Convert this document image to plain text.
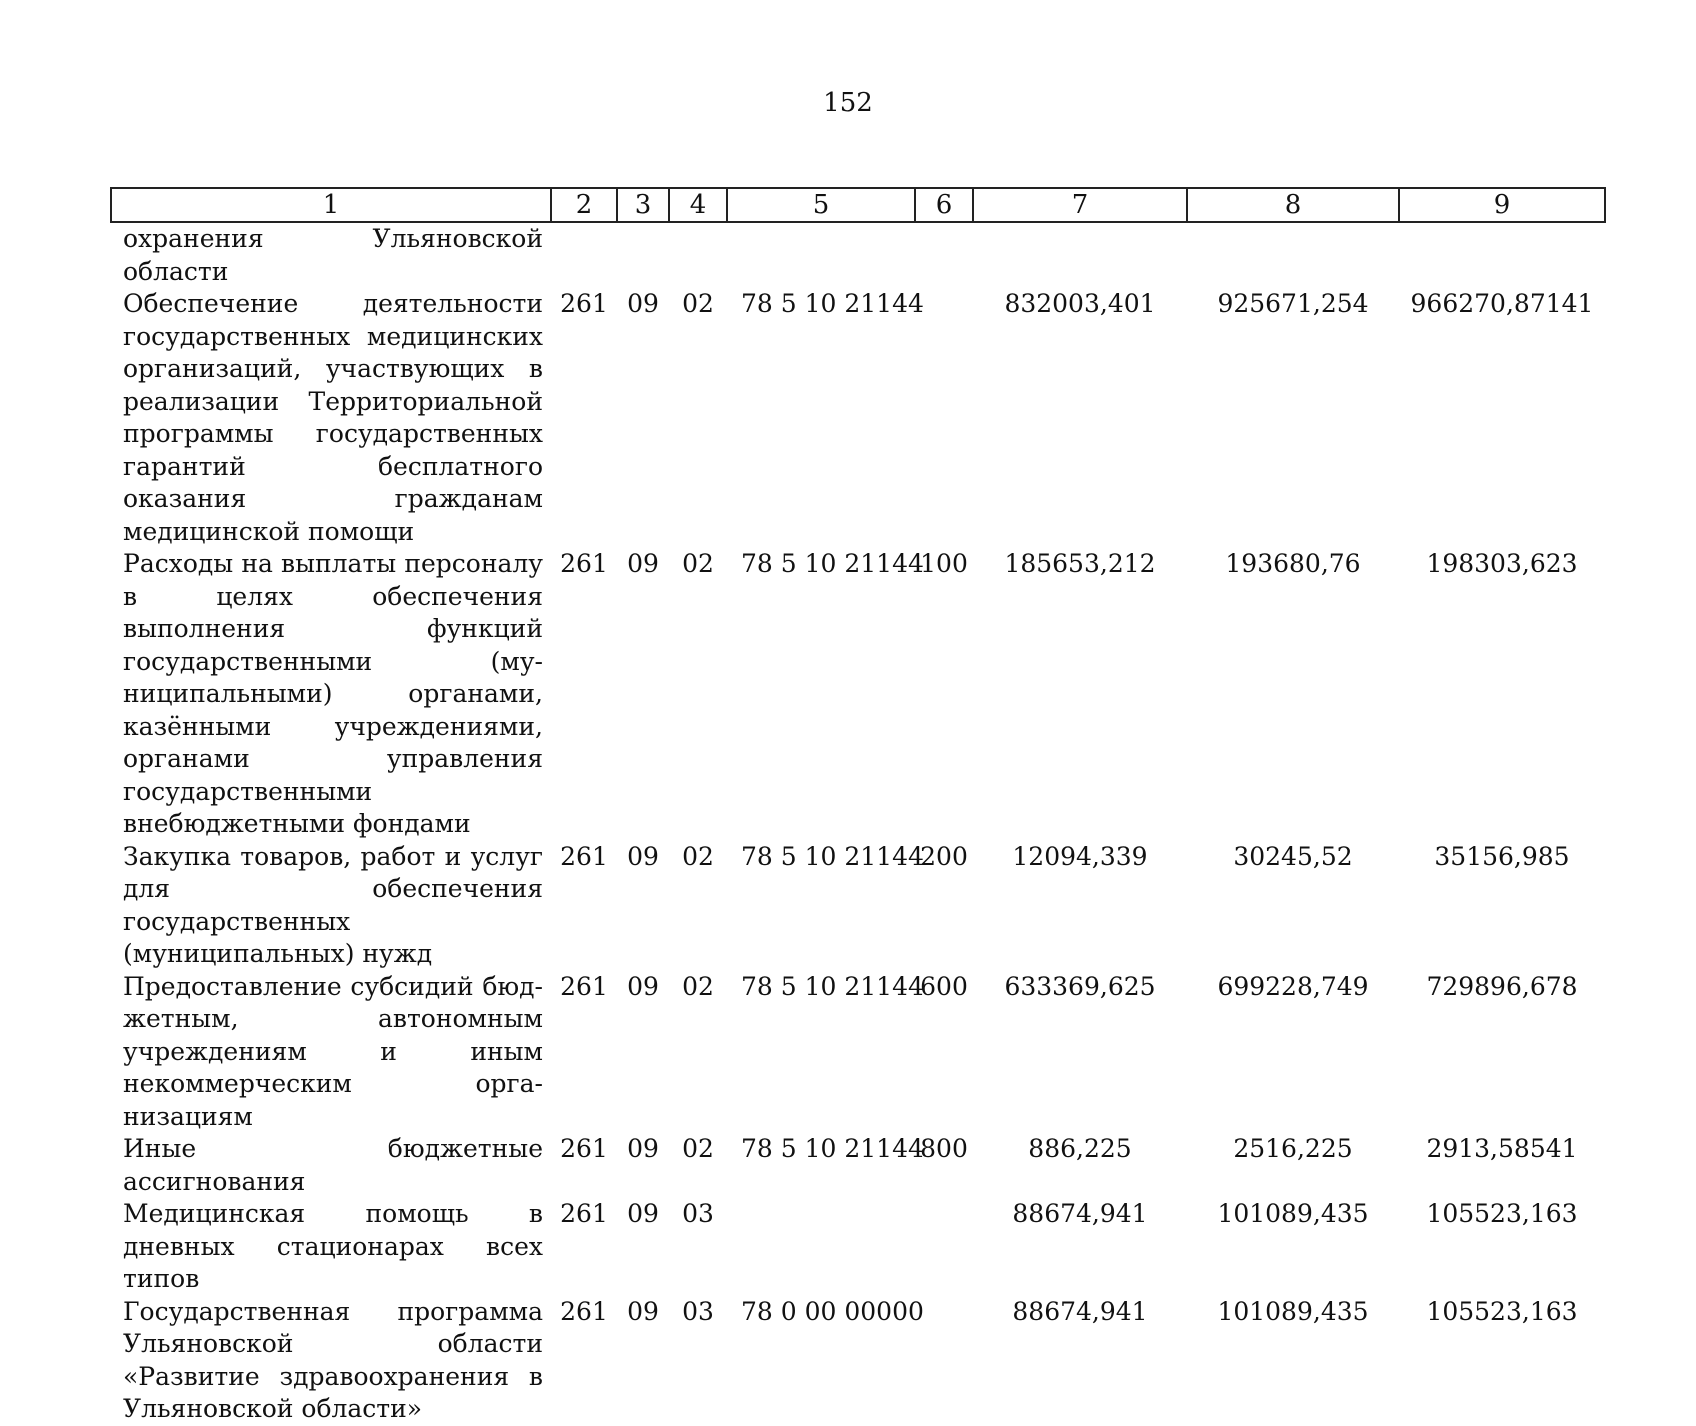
152
1	2	3	4	5	6	7	8	9
охранения Ульяновской области								
Обеспечение деятельности государственных медицинских организаций, участвующих в реализации Территориальной программы государственных гарантий бесплатного оказания гражданам медицинской помощи	261	09	02	78 5 10 21144		832003,401	925671,254	966270,87141
Расходы на выплаты персоналу в целях обеспечения выполнения функций государственными (муниципальными) органами, казёнными учреждениями, органами управления государственными внебюджетными фондами	261	09	02	78 5 10 21144	100	185653,212	193680,76	198303,623
Закупка товаров, работ и услуг для обеспечения государственных (муниципальных) нужд	261	09	02	78 5 10 21144	200	12094,339	30245,52	35156,985
Предоставление субсидий бюджетным, автономным учреждениям и иным некоммерческим организациям	261	09	02	78 5 10 21144	600	633369,625	699228,749	729896,678
Иные бюджетные ассигнования	261	09	02	78 5 10 21144	800	886,225	2516,225	2913,58541
Медицинская помощь в дневных стационарах всех типов	261	09	03			88674,941	101089,435	105523,163
Государственная программа Ульяновской области «Развитие здравоохранения в Ульяновской области»	261	09	03	78 0 00 00000		88674,941	101089,435	105523,163
